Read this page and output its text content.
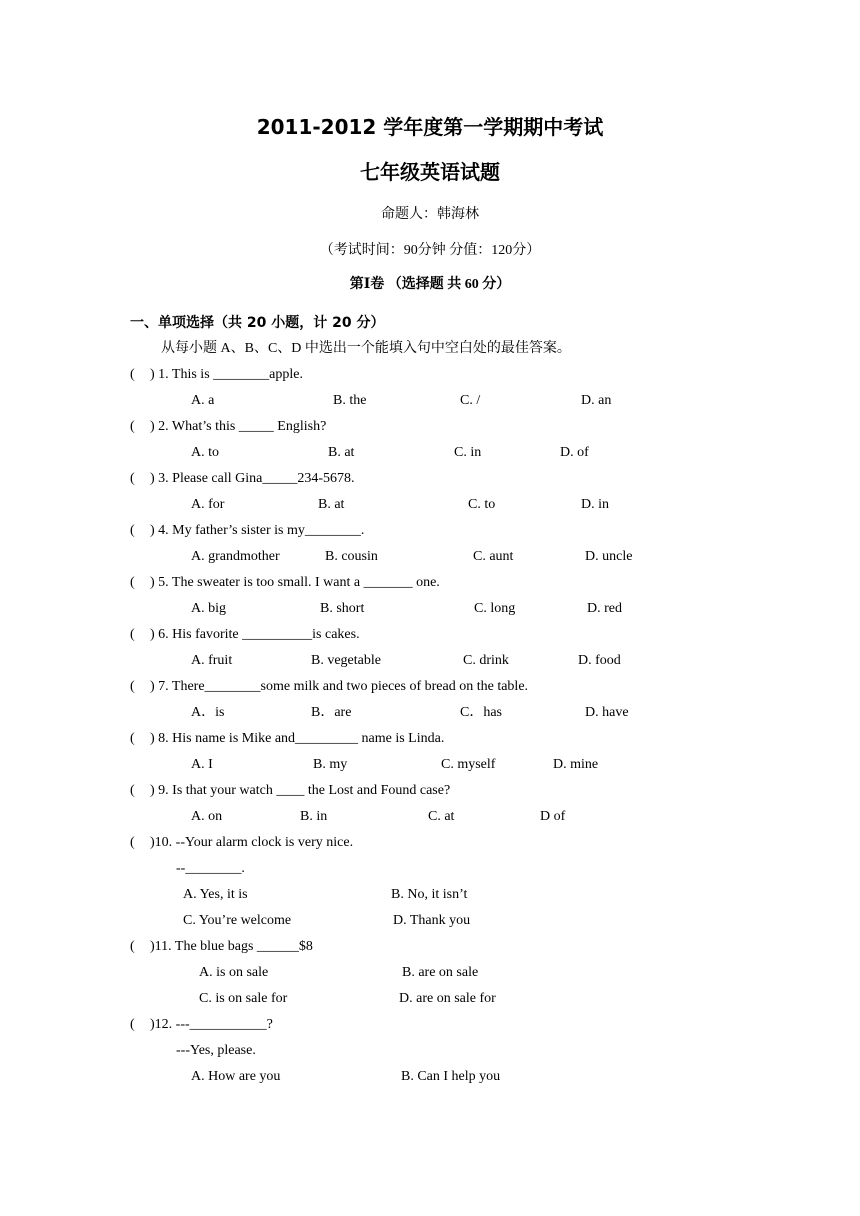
2011-2012 学年度第一学期期中考试
七年级英语试题
命题人：韩海林
（考试时间：90分钟 分值：120分）
第Ⅰ卷 （选择题 共 60 分）
一、单项选择（共 20 小题，计 20 分）
从每小题 A、B、C、D 中选出一个能填入句中空白处的最佳答案。
( ) 1. This is ________apple.
A. a	B. the	C. /	D. an
( ) 2. What’s this _____ English?
A. to	B. at	C. in	D. of
( ) 3. Please call Gina_____234-5678.
A. for	B. at	C. to	D. in
( ) 4. My father’s sister is my________.
A. grandmother	B. cousin	C. aunt	D. uncle
( ) 5. The sweater is too small. I want a _______ one.
A. big	B. short	C. long	D. red
( ) 6. His favorite __________is cakes.
A. fruit	B. vegetable	C. drink	D. food
( ) 7. There________some milk and two pieces of bread on the table.
A．is	B．are	C．has	D. have
( ) 8. His name is Mike and_________ name is Linda.
A. I	B. my	C. myself	D. mine
( ) 9. Is that your watch ____ the Lost and Found case?
A. on	B. in	C. at	D of
( )10. --Your alarm clock is very nice.
--________.
A. Yes, it is	B. No, it isn’t
C. You’re welcome	D. Thank you
( )11. The blue bags ______$8
A. is on sale	B. are on sale
C. is on sale for	D. are on sale for
( )12. ---___________?
---Yes, please.
A. How are you	B. Can I help you
